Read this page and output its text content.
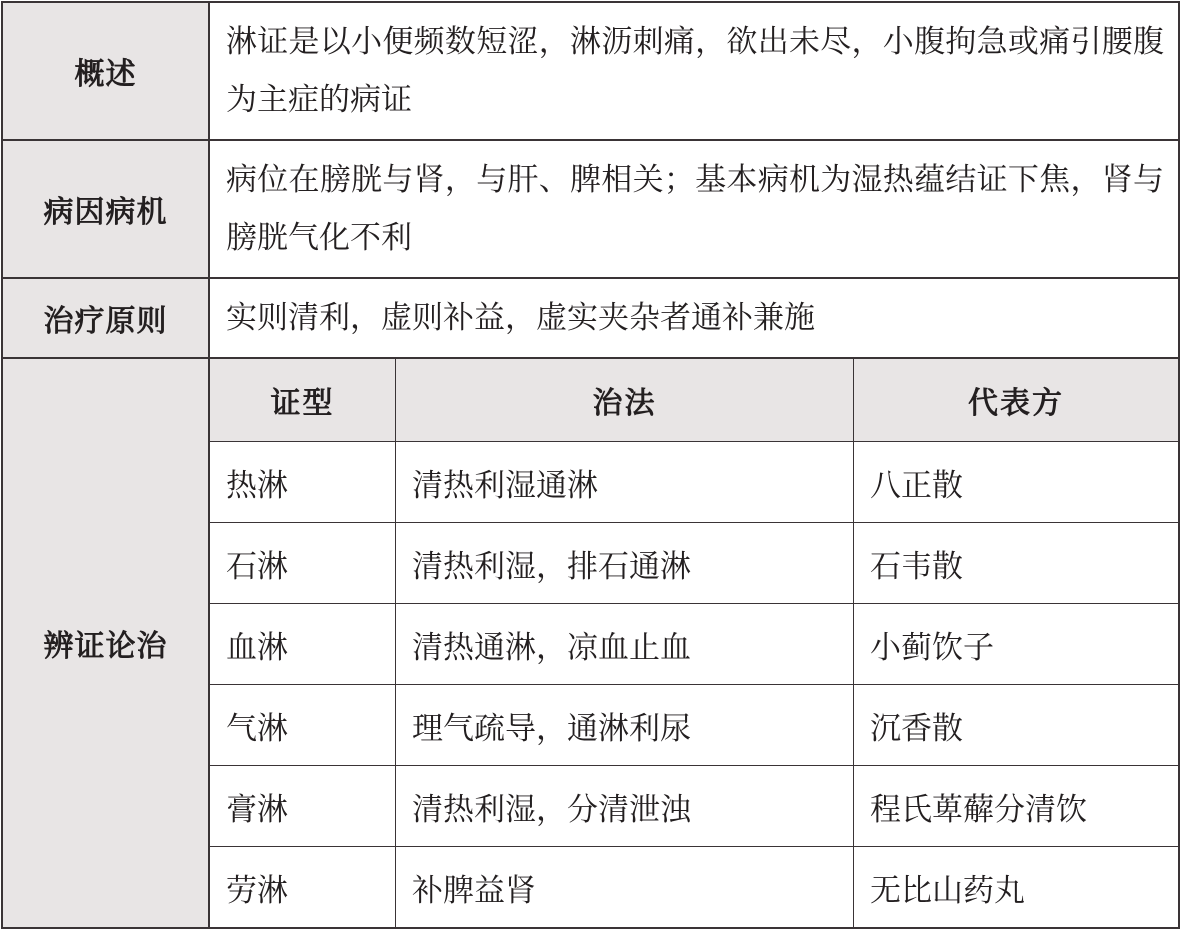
概述	淋证是以小便频数短涩，淋沥刺痛，欲出未尽，小腹拘急或痛引腰腹为主症的病证
病因病机	病位在膀胱与肾，与肝、脾相关；基本病机为湿热蕴结证下焦，肾与膀胱气化不利
治疗原则	实则清利，虚则补益，虚实夹杂者通补兼施
辨证论治	
证型	治法	代表方
热淋	清热利湿通淋	八正散
石淋	清热利湿，排石通淋	石韦散
血淋	清热通淋，凉血止血	小蓟饮子
气淋	理气疏导，通淋利尿	沉香散
膏淋	清热利湿，分清泄浊	程氏萆薢分清饮
劳淋	补脾益肾	无比山药丸
